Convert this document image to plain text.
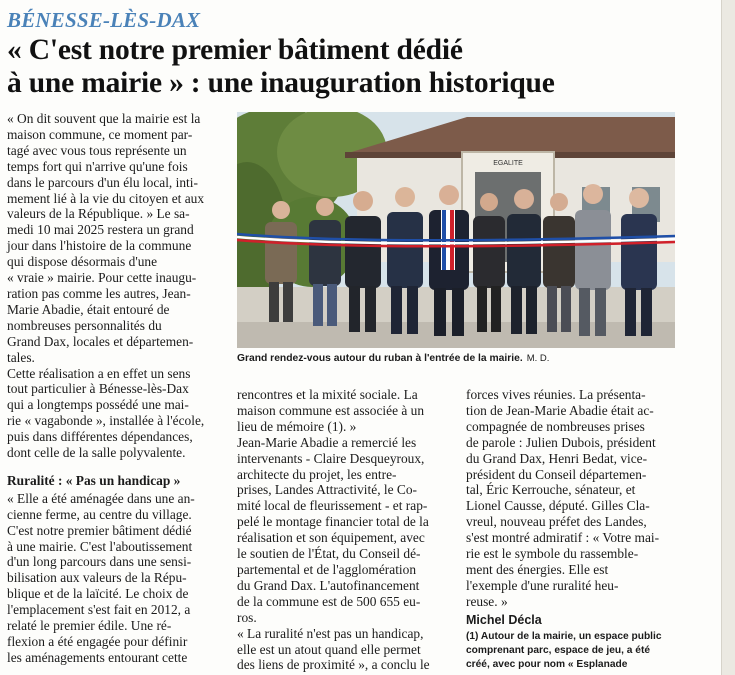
BÉNESSE-LÈS-DAX
« C'est notre premier bâtiment dédié
à une mairie » : une inauguration historique

« On dit souvent que la mairie est la
maison commune, ce moment par-
tagé avec vous tous représente un
temps fort qui n'arrive qu'une fois
dans le parcours d'un élu local, inti-
mement lié à la vie du citoyen et aux
valeurs de la République. » Le sa-
medi 10 mai 2025 restera un grand
jour dans l'histoire de la commune
qui dispose désormais d'une
« vraie » mairie. Pour cette inaugu-
ration pas comme les autres, Jean-
Marie Abadie, était entouré de
nombreuses personnalités du
Grand Dax, locales et départemen-
tales.

Cette réalisation a en effet un sens
tout particulier à Bénesse-lès-Dax
qui a longtemps possédé une mai-
rie « vagabonde », installée à l'école,
puis dans différentes dépendances,
dont celle de la salle polyvalente.

Ruralité : « Pas un handicap »

« Elle a été aménagée dans une an-
cienne ferme, au centre du village.
C'est notre premier bâtiment dédié
à une mairie. C'est l'aboutissement
d'un long parcours dans une sensi-
bilisation aux valeurs de la Répu-
blique et de la laïcité. Le choix de
l'emplacement s'est fait en 2012, a
relaté le premier édile. Une ré-
flexion a été engagée pour définir
les aménagements entourant cette

EGALITE
Grand rendez-vous autour du ruban à l'entrée de la mairie. M. D.

rencontres et la mixité sociale. La
maison commune est associée à un
lieu de mémoire (1). »
Jean-Marie Abadie a remercié les
intervenants - Claire Desqueyroux,
architecte du projet, les entre-
prises, Landes Attractivité, le Co-
mité local de fleurissement - et rap-
pelé le montage financier total de la
réalisation et son équipement, avec
le soutien de l'État, du Conseil dé-
partemental et de l'agglomération
du Grand Dax. L'autofinancement
de la commune est de 500 655 eu-
ros.
« La ruralité n'est pas un handicap,
elle est un atout quand elle permet
des liens de proximité », a conclu le

forces vives réunies. La présenta-
tion de Jean-Marie Abadie était ac-
compagnée de nombreuses prises
de parole : Julien Dubois, président
du Grand Dax, Henri Bedat, vice-
président du Conseil départemen-
tal, Éric Kerrouche, sénateur, et
Lionel Causse, député. Gilles Cla-
vreul, nouveau préfet des Landes,
s'est montré admiratif : « Votre mai-
rie est le symbole du rassemble-
ment des énergies. Elle est
l'exemple d'une ruralité heu-
reuse. »

Michel Décla
(1) Autour de la mairie, un espace public
comprenant parc, espace de jeu, a été
créé, avec pour nom « Esplanade
